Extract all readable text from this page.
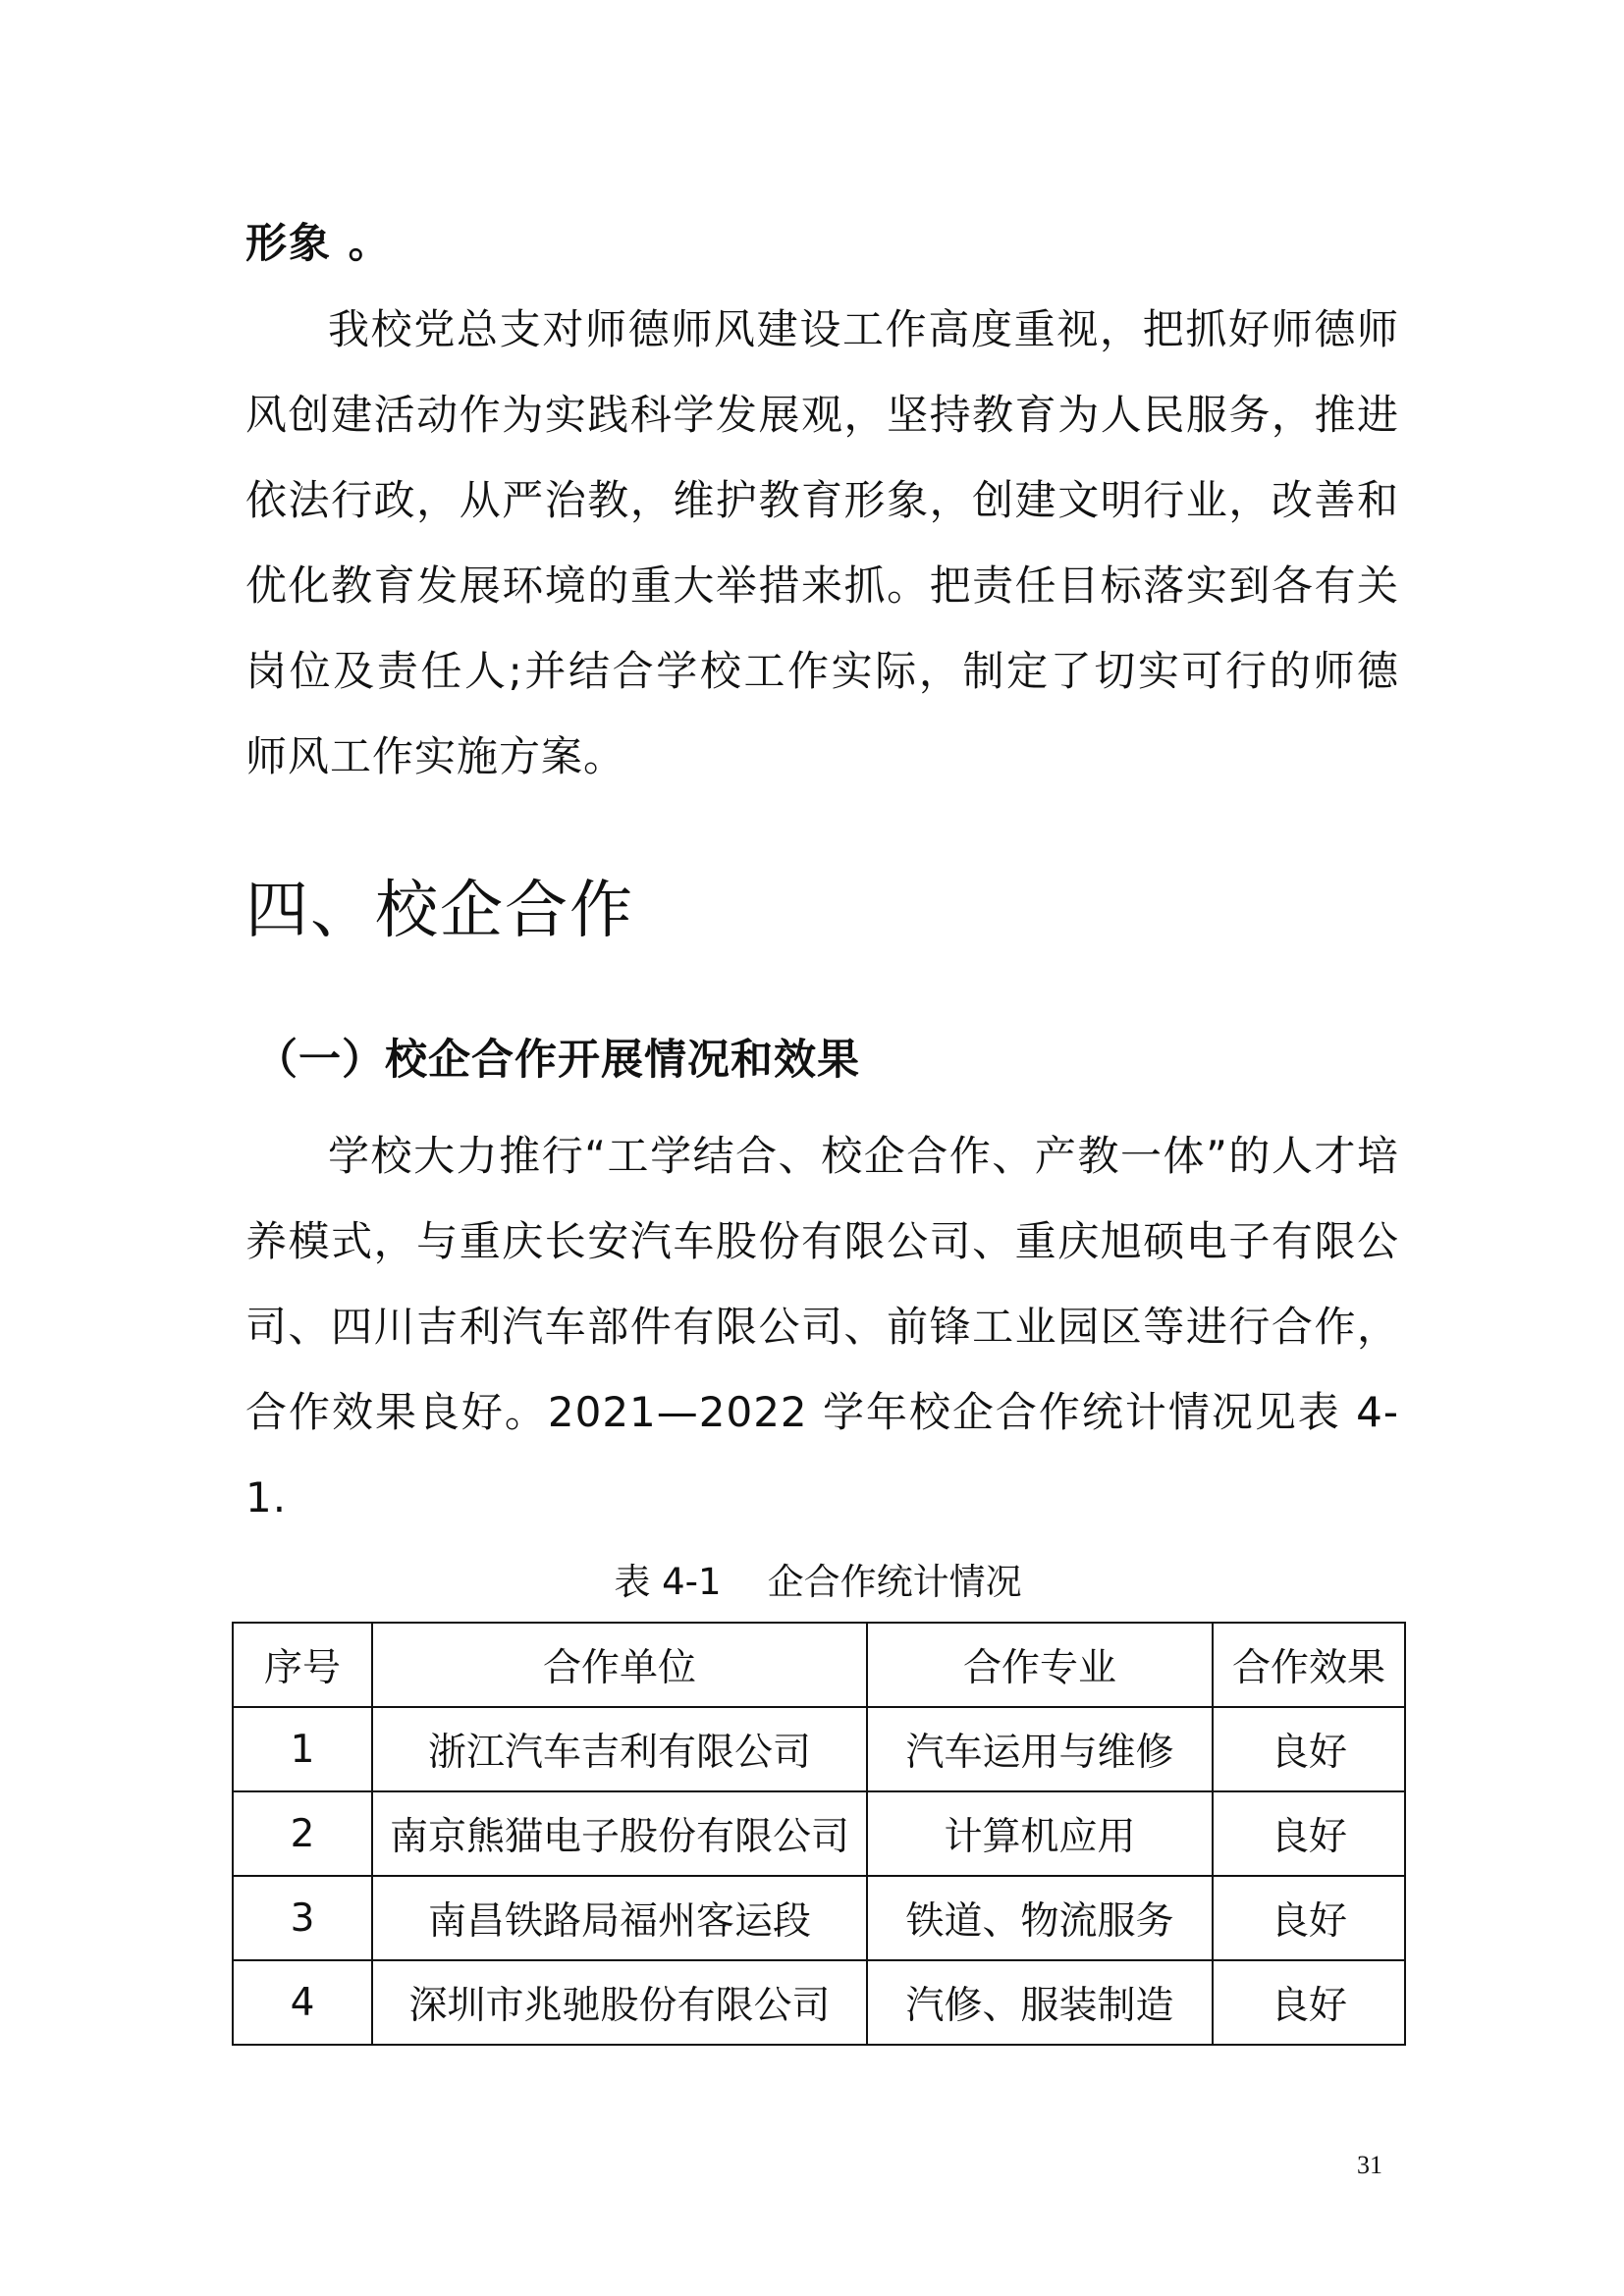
形象 。

我校党总支对师德师风建设工作高度重视，把抓好师德师风创建活动作为实践科学发展观，坚持教育为人民服务，推进依法行政，从严治教，维护教育形象，创建文明行业，改善和优化教育发展环境的重大举措来抓。把责任目标落实到各有关岗位及责任人;并结合学校工作实际，制定了切实可行的师德师风工作实施方案。

四、校企合作
（一）校企合作开展情况和效果

学校大力推行“工学结合、校企合作、产教一体”的人才培养模式，与重庆长安汽车股份有限公司、重庆旭硕电子有限公司、四川吉利汽车部件有限公司、前锋工业园区等进行合作，合作效果良好。2021—2022 学年校企合作统计情况见表 4-1.

表 4-1    企合作统计情况

序号	合作单位	合作专业	合作效果
1	浙江汽车吉利有限公司	汽车运用与维修	良好
2	南京熊猫电子股份有限公司	计算机应用	良好
3	南昌铁路局福州客运段	铁道、物流服务	良好
4	深圳市兆驰股份有限公司	汽修、服装制造	良好

31
